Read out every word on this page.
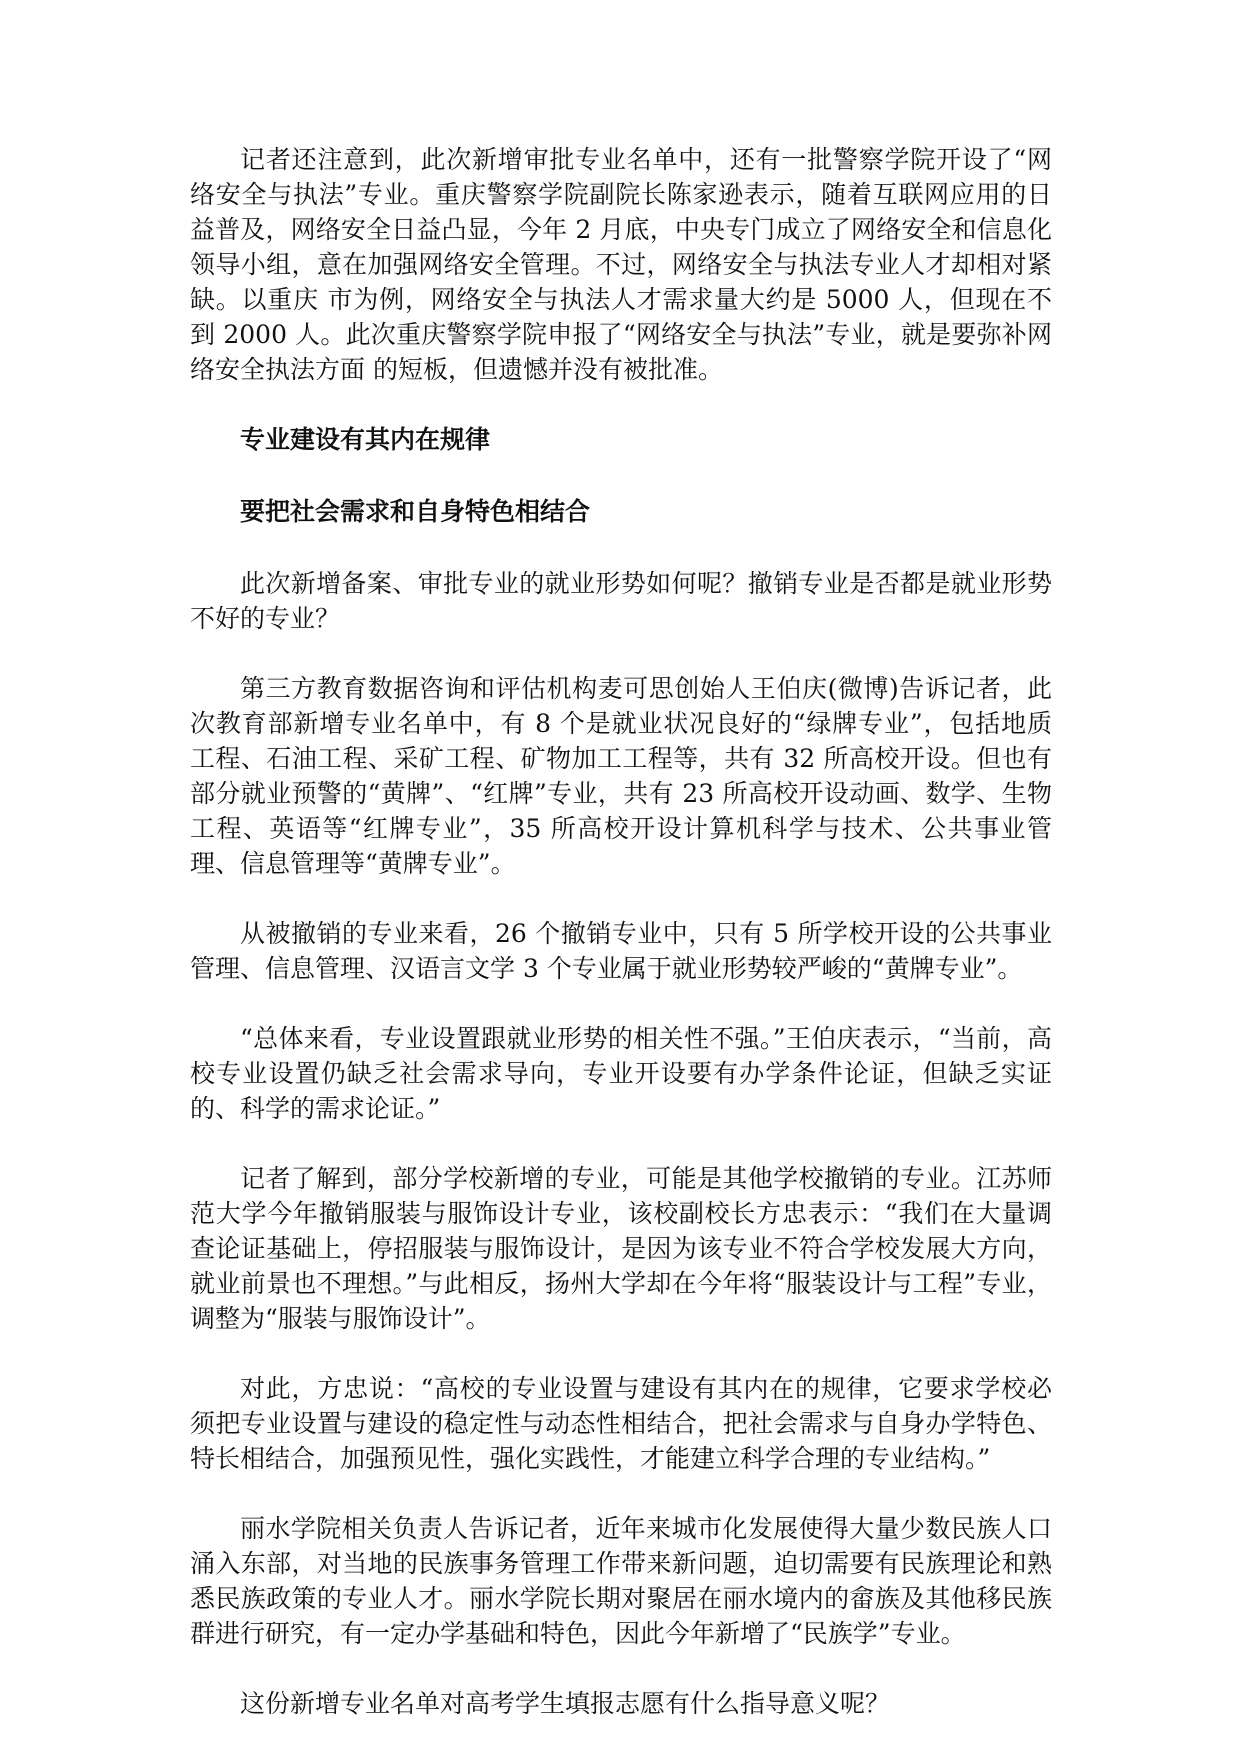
记者还注意到，此次新增审批专业名单中，还有一批警察学院开设了“网络安全与执法”专业。重庆警察学院副院长陈家逊表示，随着互联网应用的日益普及，网络安全日益凸显，今年 2 月底，中央专门成立了网络安全和信息化领导小组，意在加强网络安全管理。不过，网络安全与执法专业人才却相对紧缺。以重庆 市为例，网络安全与执法人才需求量大约是 5000 人，但现在不到 2000 人。此次重庆警察学院申报了“网络安全与执法”专业，就是要弥补网络安全执法方面 的短板，但遗憾并没有被批准。

专业建设有其内在规律

要把社会需求和自身特色相结合

此次新增备案、审批专业的就业形势如何呢？撤销专业是否都是就业形势不好的专业？

第三方教育数据咨询和评估机构麦可思创始人王伯庆(微博)告诉记者，此次教育部新增专业名单中，有 8 个是就业状况良好的“绿牌专业”，包括地质 工程、石油工程、采矿工程、矿物加工工程等，共有 32 所高校开设。但也有部分就业预警的“黄牌”、“红牌”专业，共有 23 所高校开设动画、数学、生物工程、英语等“红牌专业”，35 所高校开设计算机科学与技术、公共事业管理、信息管理等“黄牌专业”。

从被撤销的专业来看，26 个撤销专业中，只有 5 所学校开设的公共事业管理、信息管理、汉语言文学 3 个专业属于就业形势较严峻的“黄牌专业”。

“总体来看，专业设置跟就业形势的相关性不强。”王伯庆表示，“当前，高校专业设置仍缺乏社会需求导向，专业开设要有办学条件论证，但缺乏实证的、科学的需求论证。”

记者了解到，部分学校新增的专业，可能是其他学校撤销的专业。江苏师范大学今年撤销服装与服饰设计专业，该校副校长方忠表示：“我们在大量调查论证基础上，停招服装与服饰设计，是因为该专业不符合学校发展大方向，就业前景也不理想。”与此相反，扬州大学却在今年将“服装设计与工程”专业，调整为“服装与服饰设计”。

对此，方忠说：“高校的专业设置与建设有其内在的规律，它要求学校必须把专业设置与建设的稳定性与动态性相结合，把社会需求与自身办学特色、特长相结合，加强预见性，强化实践性，才能建立科学合理的专业结构。”

丽水学院相关负责人告诉记者，近年来城市化发展使得大量少数民族人口涌入东部，对当地的民族事务管理工作带来新问题，迫切需要有民族理论和熟悉民族政策的专业人才。丽水学院长期对聚居在丽水境内的畲族及其他移民族群进行研究，有一定办学基础和特色，因此今年新增了“民族学”专业。

这份新增专业名单对高考学生填报志愿有什么指导意义呢？
